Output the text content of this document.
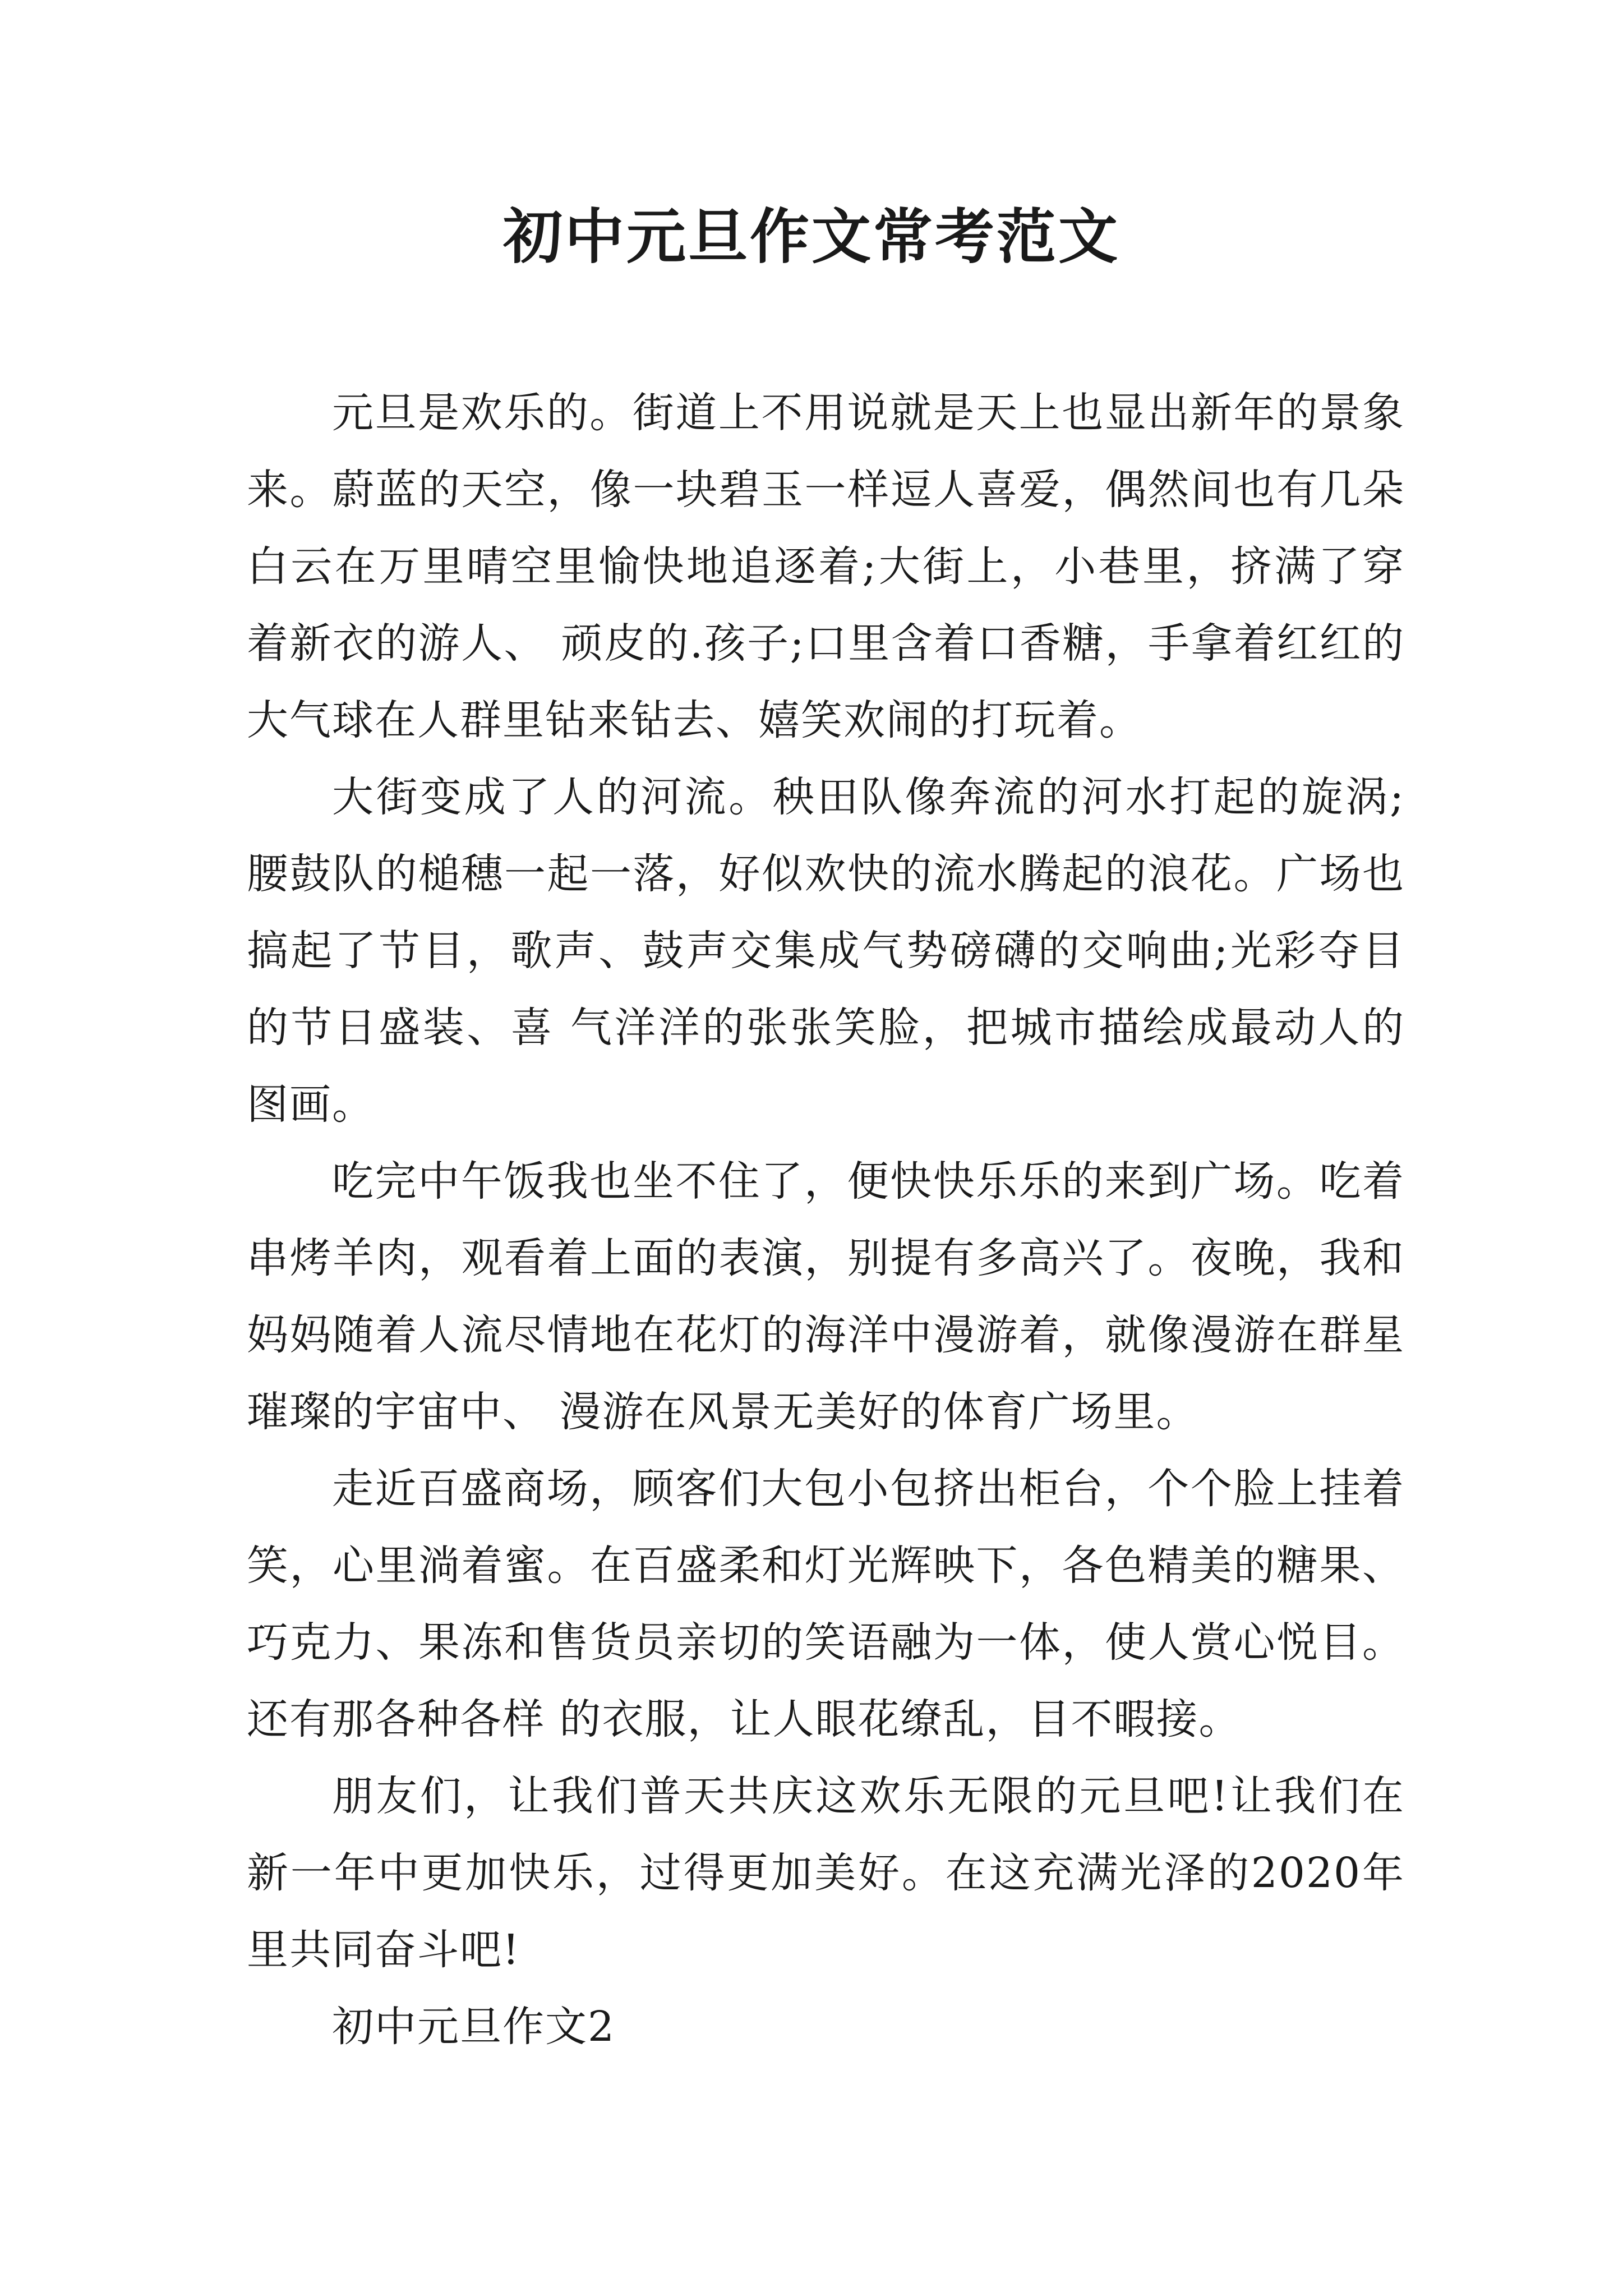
初中元旦作文常考范文

元旦是欢乐的。街道上不用说就是天上也显出新年的景象来。蔚蓝的天空，像一块碧玉一样逗人喜爱，偶然间也有几朵白云在万里晴空里愉快地追逐着;大街上，小巷里，挤满了穿着新衣的游人、 顽皮的.孩子;口里含着口香糖，手拿着红红的大气球在人群里钻来钻去、嬉笑欢闹的打玩着。

大街变成了人的河流。秧田队像奔流的河水打起的旋涡;腰鼓队的槌穗一起一落，好似欢快的流水腾起的浪花。广场也搞起了节目，歌声、鼓声交集成气势磅礴的交响曲;光彩夺目的节日盛装、喜 气洋洋的张张笑脸，把城市描绘成最动人的图画。

吃完中午饭我也坐不住了，便快快乐乐的来到广场。吃着串烤羊肉，观看着上面的表演，别提有多高兴了。夜晚，我和妈妈随着人流尽情地在花灯的海洋中漫游着，就像漫游在群星璀璨的宇宙中、 漫游在风景无美好的体育广场里。

走近百盛商场，顾客们大包小包挤出柜台，个个脸上挂着笑，心里淌着蜜。在百盛柔和灯光辉映下，各色精美的糖果、巧克力、果冻和售货员亲切的笑语融为一体，使人赏心悦目。还有那各种各样 的衣服，让人眼花缭乱，目不暇接。

朋友们，让我们普天共庆这欢乐无限的元旦吧!让我们在新一年中更加快乐，过得更加美好。在这充满光泽的2020年里共同奋斗吧!

初中元旦作文2
